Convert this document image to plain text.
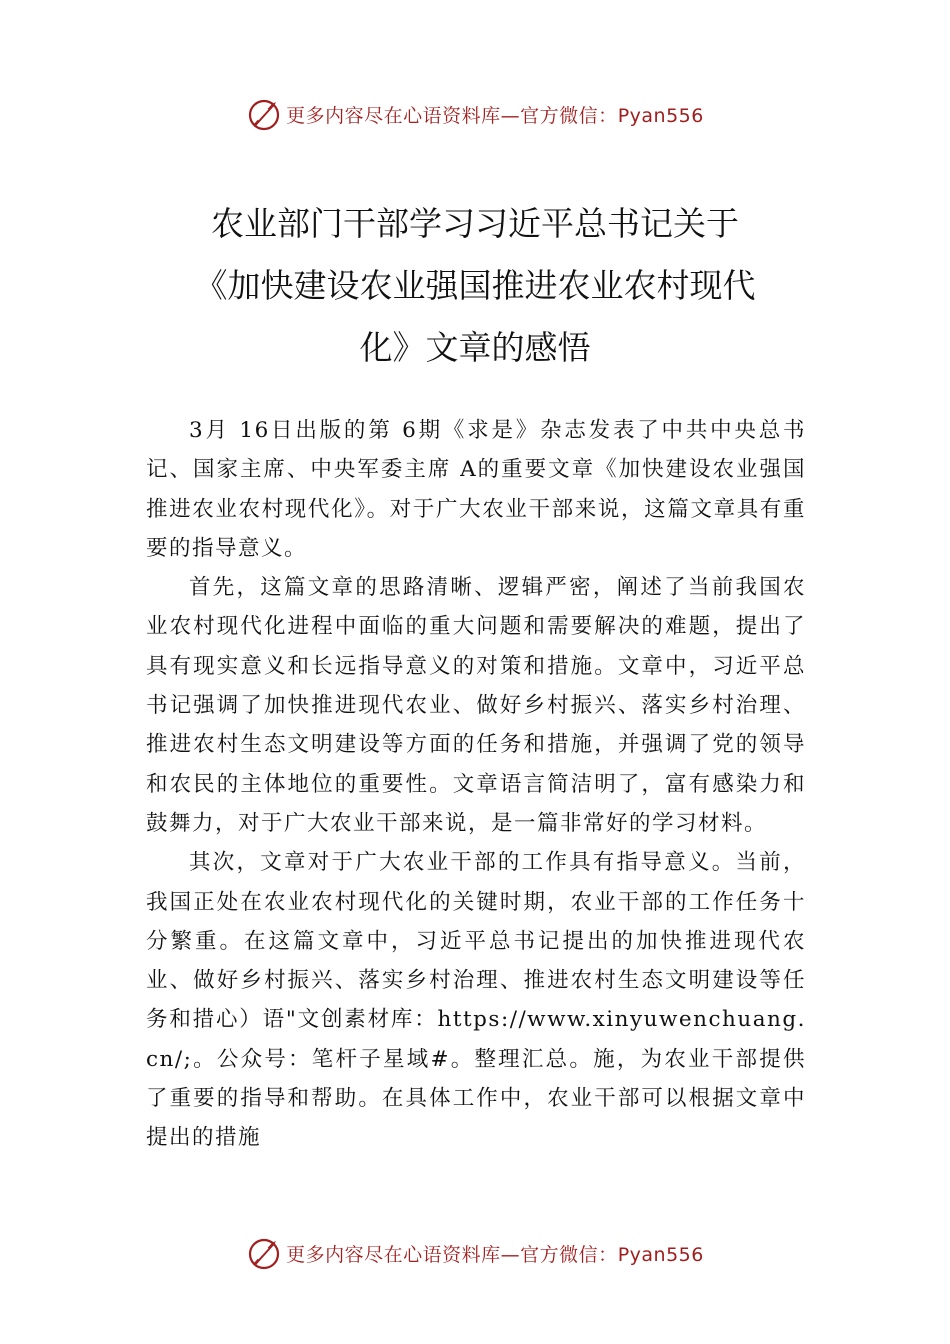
更多内容尽在心语资料库—官方微信：Pyan556
农业部门干部学习习近平总书记关于
《加快建设农业强国推进农业农村现代
化》文章的感悟

3月 16日出版的第 6期《求是》杂志发表了中共中央总书记、国家主席、中央军委主席 A的重要文章《加快建设农业强国推进农业农村现代化》。对于广大农业干部来说，这篇文章具有重要的指导意义。

首先，这篇文章的思路清晰、逻辑严密，阐述了当前我国农业农村现代化进程中面临的重大问题和需要解决的难题，提出了具有现实意义和长远指导意义的对策和措施。文章中，习近平总书记强调了加快推进现代农业、做好乡村振兴、落实乡村治理、推进农村生态文明建设等方面的任务和措施，并强调了党的领导和农民的主体地位的重要性。文章语言简洁明了，富有感染力和鼓舞力，对于广大农业干部来说，是一篇非常好的学习材料。

其次，文章对于广大农业干部的工作具有指导意义。当前，我国正处在农业农村现代化的关键时期，农业干部的工作任务十分繁重。在这篇文章中，习近平总书记提出的加快推进现代农业、做好乡村振兴、落实乡村治理、推进农村生态文明建设等任务和措心）语"文创素材库：https://www.xinyuwenchuang.cn/;。公众号：笔杆子星域#。整理汇总。施，为农业干部提供了重要的指导和帮助。在具体工作中，农业干部可以根据文章中提出的措施

更多内容尽在心语资料库—官方微信：Pyan556
